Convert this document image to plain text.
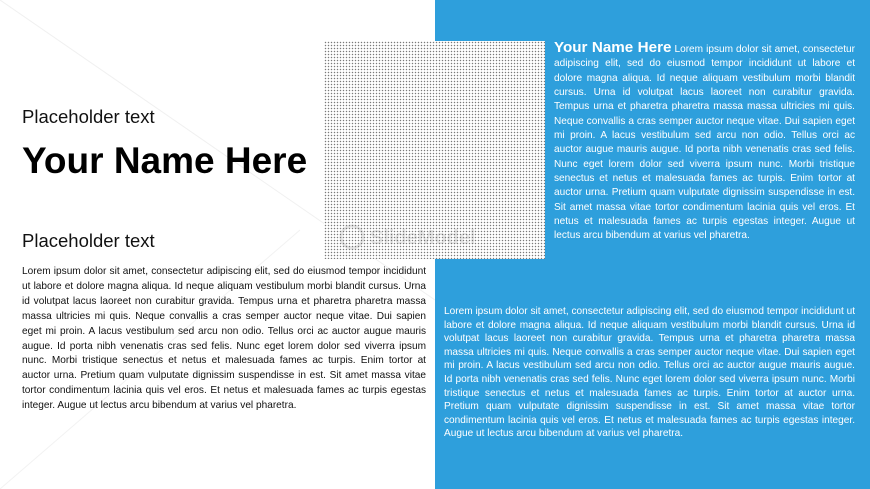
SlideModel
Placeholder text
Your Name Here
Placeholder text

Lorem ipsum dolor sit amet, consectetur adipiscing elit, sed do eiusmod tempor incididunt ut labore et dolore magna aliqua. Id neque aliquam vestibulum morbi blandit cursus. Urna id volutpat lacus laoreet non curabitur gravida. Tempus urna et pharetra pharetra massa massa ultricies mi quis. Neque convallis a cras semper auctor neque vitae. Dui sapien eget mi proin. A lacus vestibulum sed arcu non odio. Tellus orci ac auctor augue mauris augue. Id porta nibh venenatis cras sed felis. Nunc eget lorem dolor sed viverra ipsum nunc. Morbi tristique senectus et netus et malesuada fames ac turpis. Enim tortor at auctor urna. Pretium quam vulputate dignissim suspendisse in est. Sit amet massa vitae tortor condimentum lacinia quis vel eros. Et netus et malesuada fames ac turpis egestas integer. Augue ut lectus arcu bibendum at varius vel pharetra.

Your Name Here Lorem ipsum dolor sit amet, consectetur adipiscing elit, sed do eiusmod tempor incididunt ut labore et dolore magna aliqua. Id neque aliquam vestibulum morbi blandit cursus. Urna id volutpat lacus laoreet non curabitur gravida. Tempus urna et pharetra pharetra massa massa ultricies mi quis. Neque convallis a cras semper auctor neque vitae. Dui sapien eget mi proin. A lacus vestibulum sed arcu non odio. Tellus orci ac auctor augue mauris augue. Id porta nibh venenatis cras sed felis. Nunc eget lorem dolor sed viverra ipsum nunc. Morbi tristique senectus et netus et malesuada fames ac turpis. Enim tortor at auctor urna. Pretium quam vulputate dignissim suspendisse in est. Sit amet massa vitae tortor condimentum lacinia quis vel eros. Et netus et malesuada fames ac turpis egestas integer. Augue ut lectus arcu bibendum at varius vel pharetra.

Lorem ipsum dolor sit amet, consectetur adipiscing elit, sed do eiusmod tempor incididunt ut labore et dolore magna aliqua. Id neque aliquam vestibulum morbi blandit cursus. Urna id volutpat lacus laoreet non curabitur gravida. Tempus urna et pharetra pharetra massa massa ultricies mi quis. Neque convallis a cras semper auctor neque vitae. Dui sapien eget mi proin. A lacus vestibulum sed arcu non odio. Tellus orci ac auctor augue mauris augue. Id porta nibh venenatis cras sed felis. Nunc eget lorem dolor sed viverra ipsum nunc. Morbi tristique senectus et netus et malesuada fames ac turpis. Enim tortor at auctor urna. Pretium quam vulputate dignissim suspendisse in est. Sit amet massa vitae tortor condimentum lacinia quis vel eros. Et netus et malesuada fames ac turpis egestas integer. Augue ut lectus arcu bibendum at varius vel pharetra.
